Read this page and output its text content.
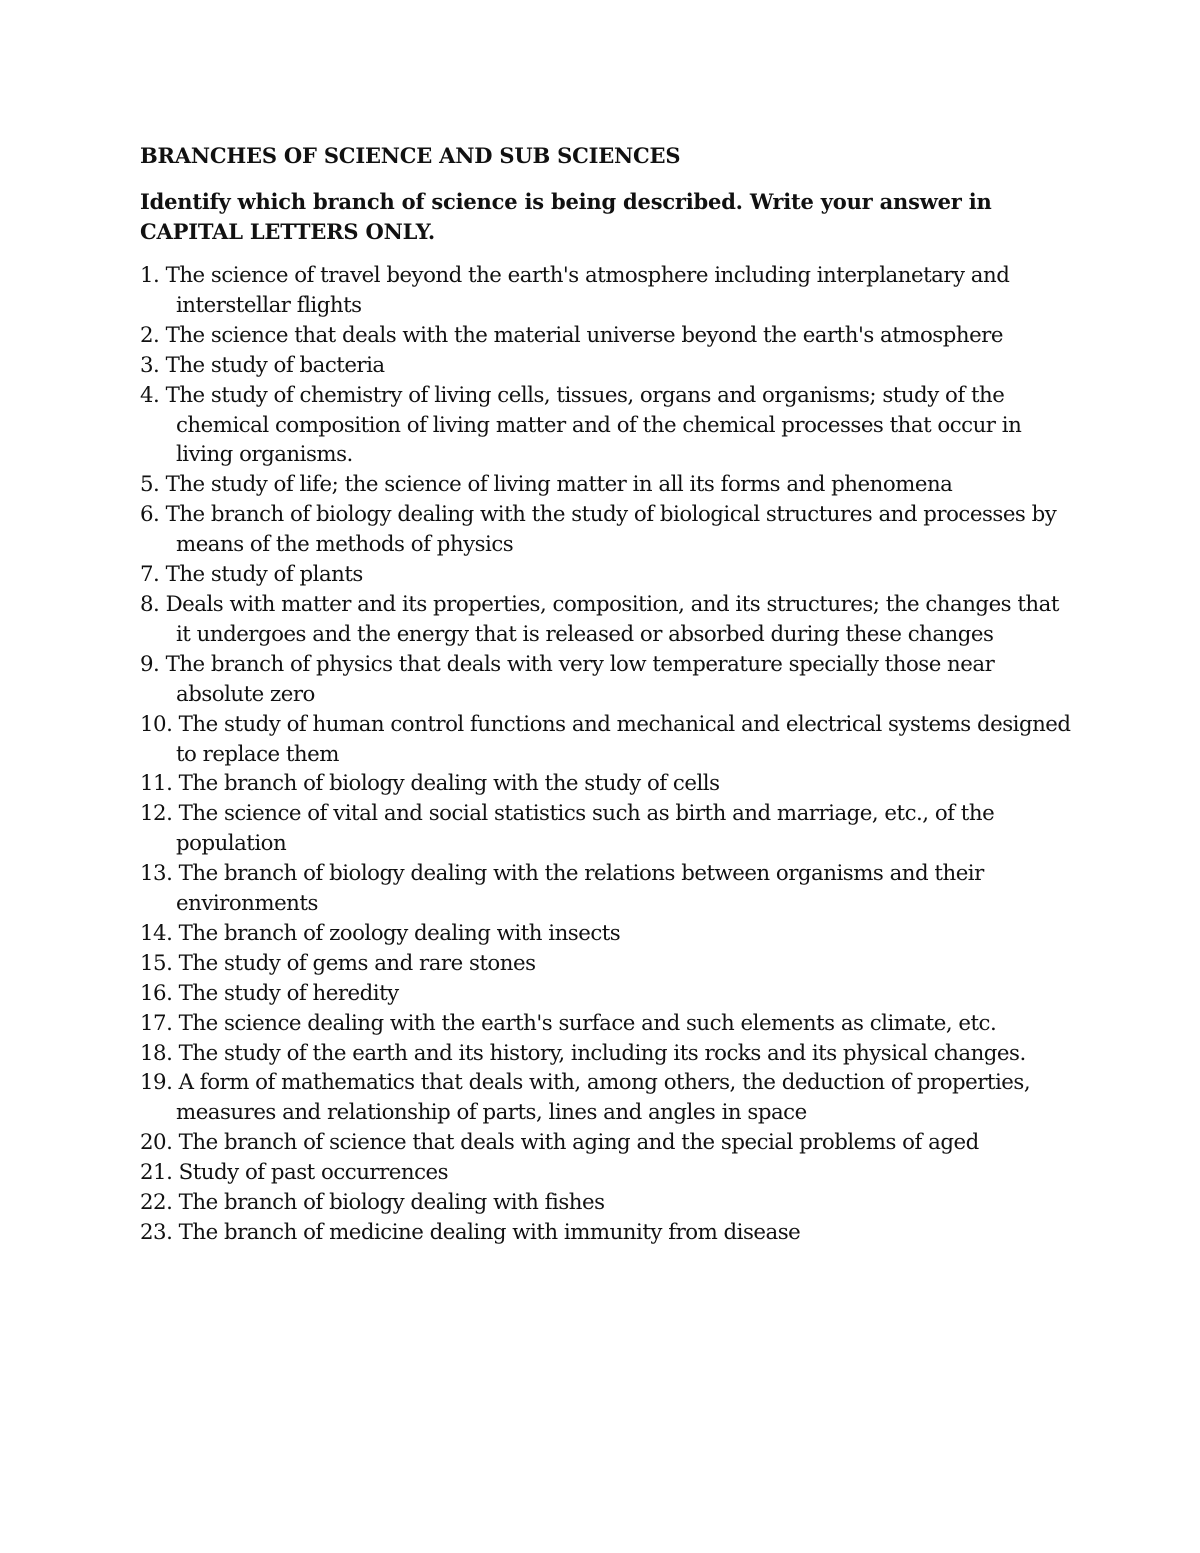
BRANCHES OF SCIENCE AND SUB SCIENCES

Identify which branch of science is being described. Write your answer in CAPITAL LETTERS ONLY.

1. The science of travel beyond the earth's atmosphere including interplanetary and interstellar flights
2. The science that deals with the material universe beyond the earth's atmosphere
3. The study of bacteria
4. The study of chemistry of living cells, tissues, organs and organisms; study of the chemical composition of living matter and of the chemical processes that occur in living organisms.
5. The study of life; the science of living matter in all its forms and phenomena
6. The branch of biology dealing with the study of biological structures and processes by means of the methods of physics
7. The study of plants
8. Deals with matter and its properties, composition, and its structures; the changes that it undergoes and the energy that is released or absorbed during these changes
9. The branch of physics that deals with very low temperature specially those near absolute zero
10. The study of human control functions and mechanical and electrical systems designed to replace them
11. The branch of biology dealing with the study of cells
12. The science of vital and social statistics such as birth and marriage, etc., of the population
13. The branch of biology dealing with the relations between organisms and their environments
14. The branch of zoology dealing with insects
15. The study of gems and rare stones
16. The study of heredity
17. The science dealing with the earth's surface and such elements as climate, etc.
18. The study of the earth and its history, including its rocks and its physical changes.
19. A form of mathematics that deals with, among others, the deduction of properties, measures and relationship of parts, lines and angles in space
20. The branch of science that deals with aging and the special problems of aged
21. Study of past occurrences
22. The branch of biology dealing with fishes
23. The branch of medicine dealing with immunity from disease
